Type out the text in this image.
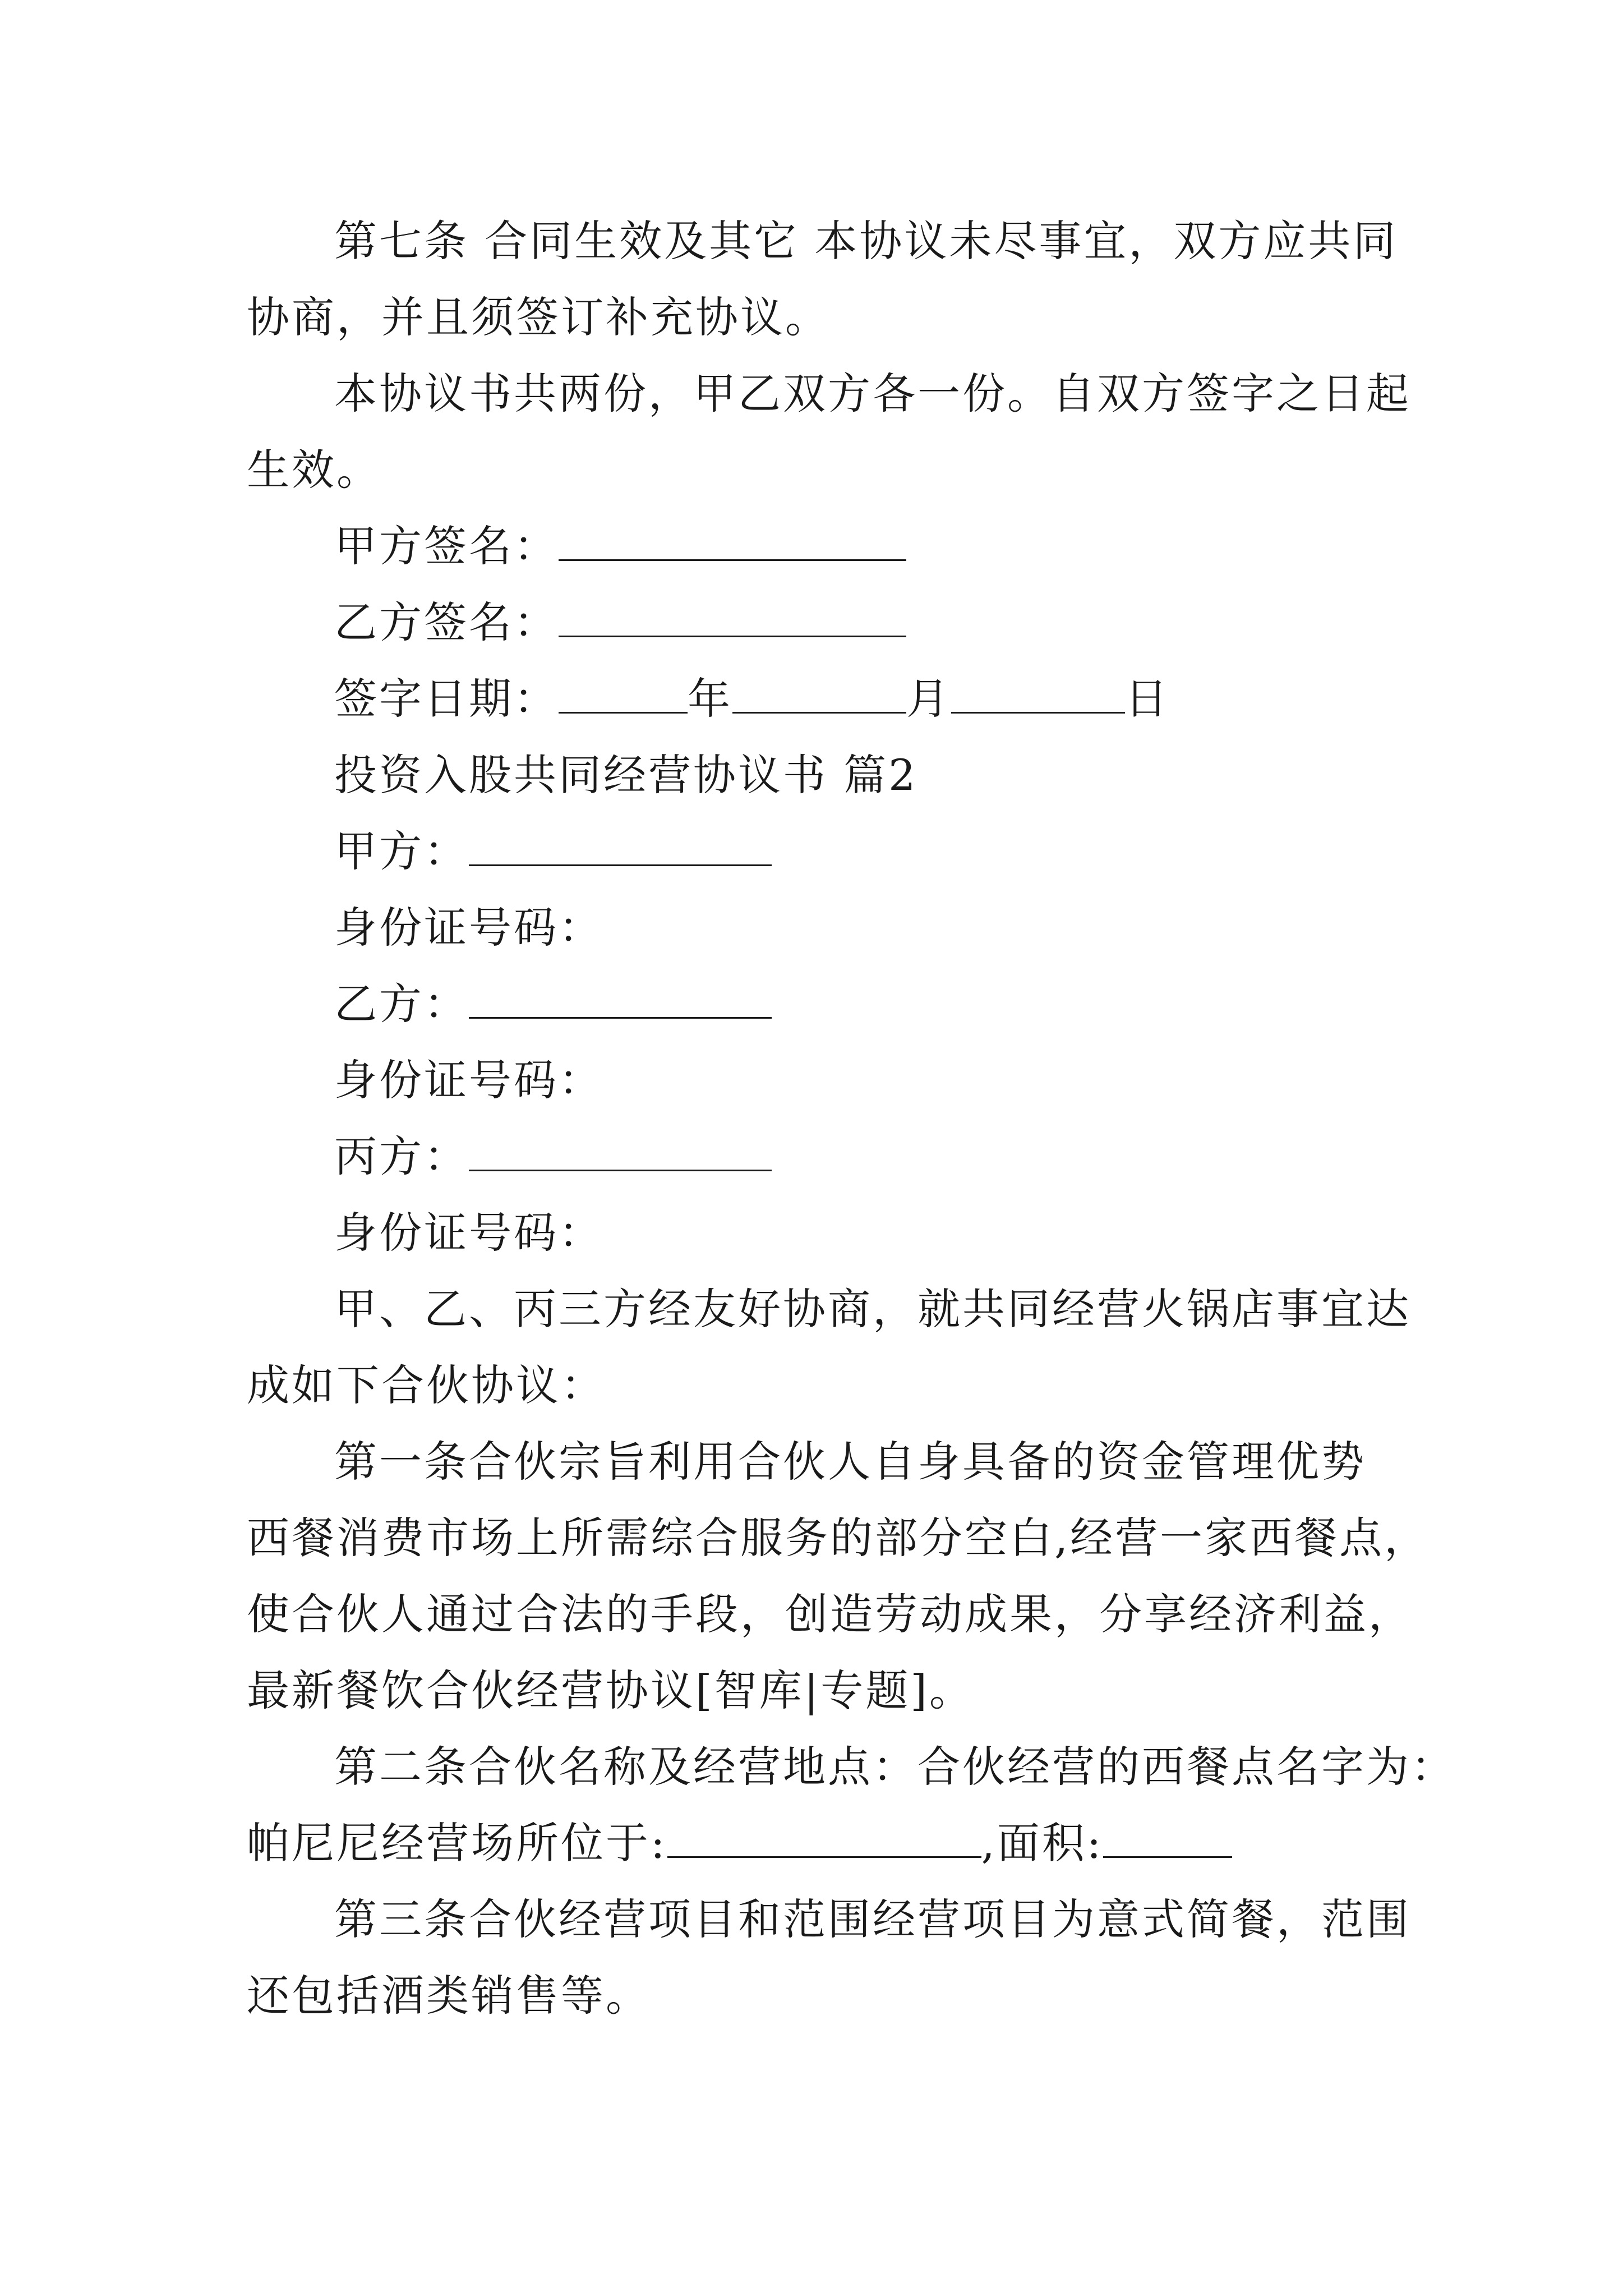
第七条 合同生效及其它 本协议未尽事宜，双方应共同
协商，并且须签订补充协议。
本协议书共两份，甲乙双方各一份。自双方签字之日起
生效。
甲方签名：
乙方签名：
签字日期：	年	月	日
投资入股共同经营协议书 篇2
甲方：
身份证号码：
乙方：
身份证号码：
丙方：
身份证号码：
甲、乙、丙三方经友好协商，就共同经营火锅店事宜达
成如下合伙协议：
第一条合伙宗旨利用合伙人自身具备的资金管理优势
西餐消费市场上所需综合服务的部分空白,经营一家西餐点，
使合伙人通过合法的手段，创造劳动成果，分享经济利益，
最新餐饮合伙经营协议[智库|专题]。
第二条合伙名称及经营地点：合伙经营的西餐点名字为：
帕尼尼经营场所位于:	,面积:
第三条合伙经营项目和范围经营项目为意式简餐，范围
还包括酒类销售等。
